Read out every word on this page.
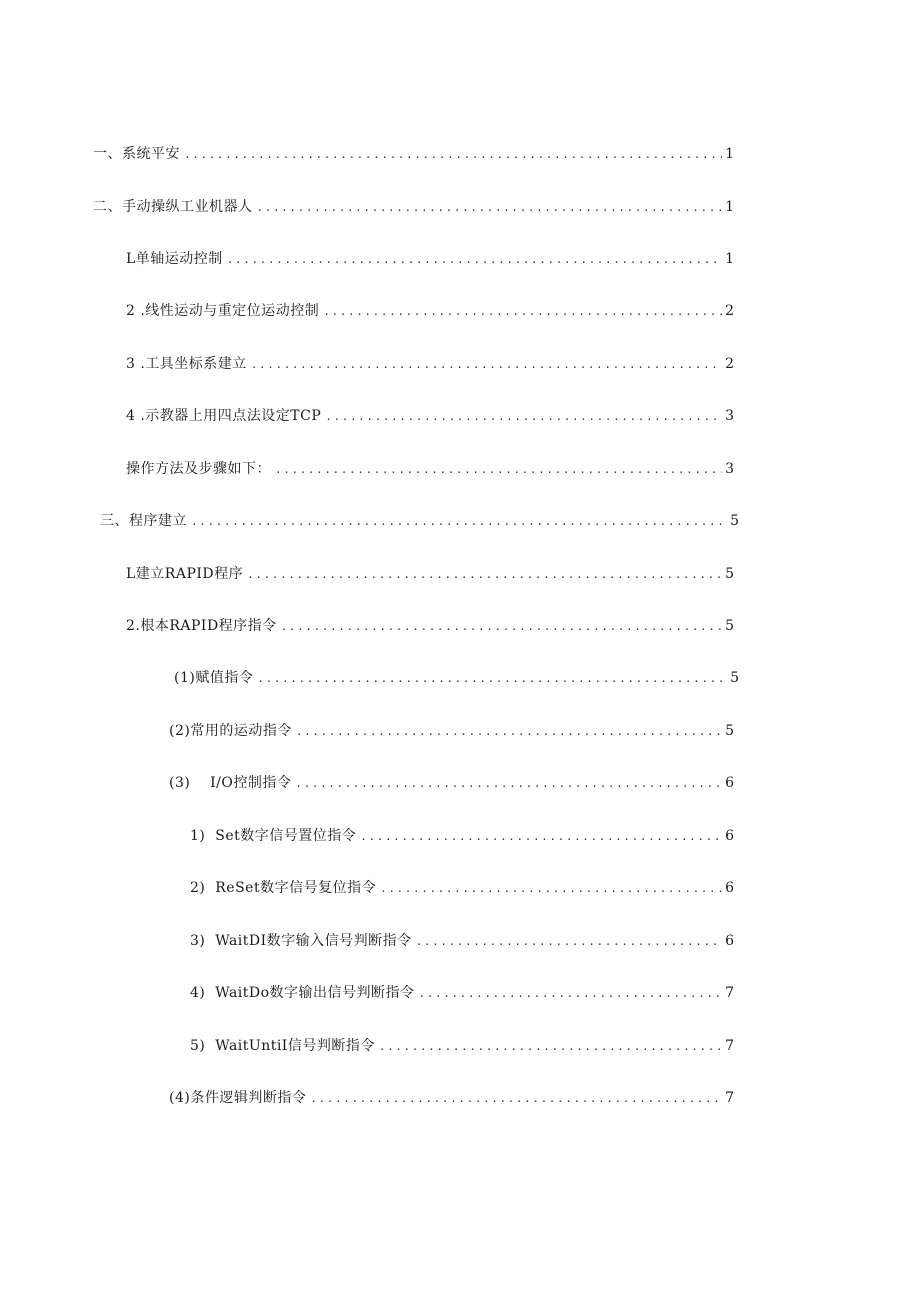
一、系统平安 .....	1
二、手动操纵工业机器人 .....	1
L单轴运动控制 .....	1
2 .线性运动与重定位运动控制 .....	2
3 .工具坐标系建立 .....	2
4 .示教器上用四点法设定TCP .....	3
操作方法及步骤如下： .....	3
三、程序建立 .....	5
L建立RAPID程序 .....	5
2.根本RAPID程序指令 .....	5
(1)赋值指令 .....	5
(2)常用的运动指令 .....	5
(3)    I/O控制指令 .....	6
1)  Set数字信号置位指令 .....	6
2)  ReSet数字信号复位指令 .....	6
3)  WaitDI数字输入信号判断指令 .....	6
4)  WaitDo数字输出信号判断指令 .....	7
5)  WaitUntiI信号判断指令 .....	7
(4)条件逻辑判断指令 .....	7
